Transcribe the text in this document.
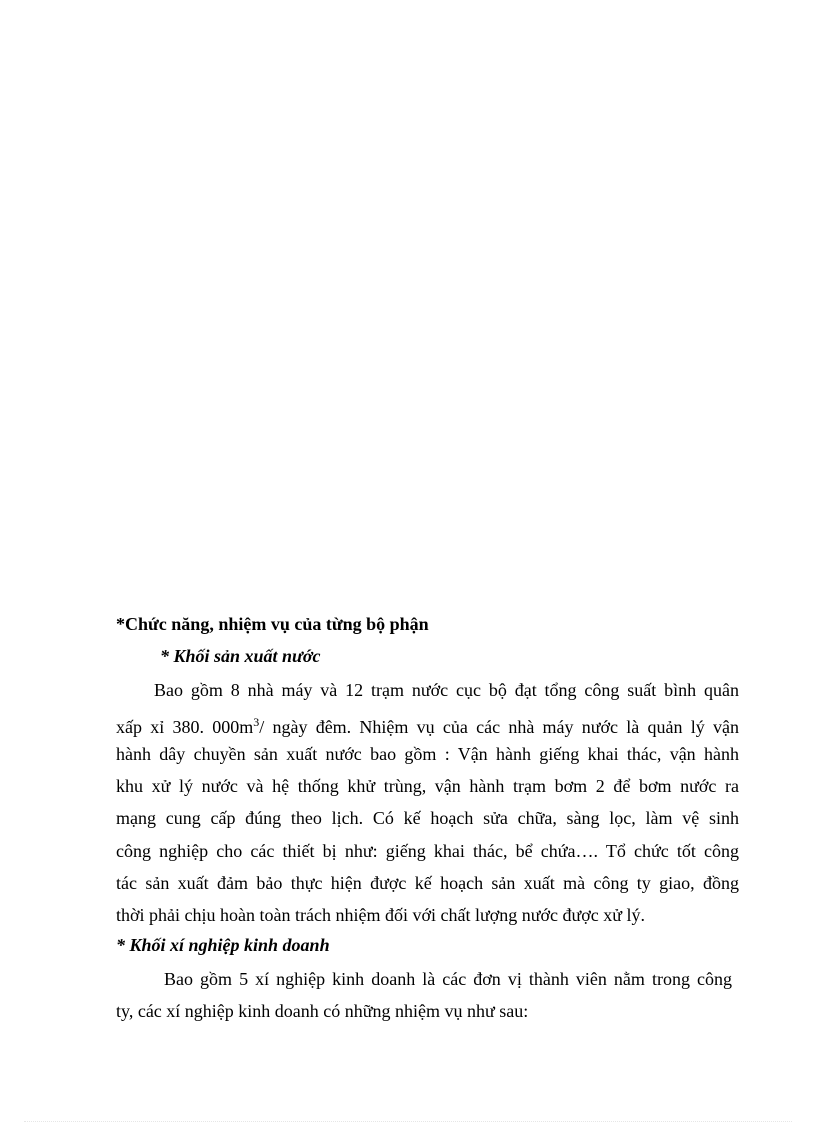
*Chức năng, nhiệm vụ của từng bộ phận
* Khối sản xuất nước
Bao gồm 8 nhà máy và 12 trạm nước cục bộ đạt tổng công suất bình quân
xấp xỉ 380. $000m^3/$ ngày đêm. Nhiệm vụ của các nhà máy nước là quản lý vận
hành dây chuyền sản xuất nước bao gồm : Vận hành giếng khai thác, vận hành
khu xử lý nước và hệ thống khử trùng, vận hành trạm bơm 2 để bơm nước ra
mạng cung cấp đúng theo lịch. Có kế hoạch sửa chữa, sàng lọc, làm vệ sinh
công nghiệp cho các thiết bị như: giếng khai thác, bể chứa…. Tổ chức tốt công
tác sản xuất đảm bảo thực hiện được kế hoạch sản xuất mà công ty giao, đồng
thời phải chịu hoàn toàn trách nhiệm đối với chất lượng nước được xử lý.
* Khối xí nghiệp kinh doanh
Bao gồm 5 xí nghiệp kinh doanh là các đơn vị thành viên nằm trong công
ty, các xí nghiệp kinh doanh có những nhiệm vụ như sau:
